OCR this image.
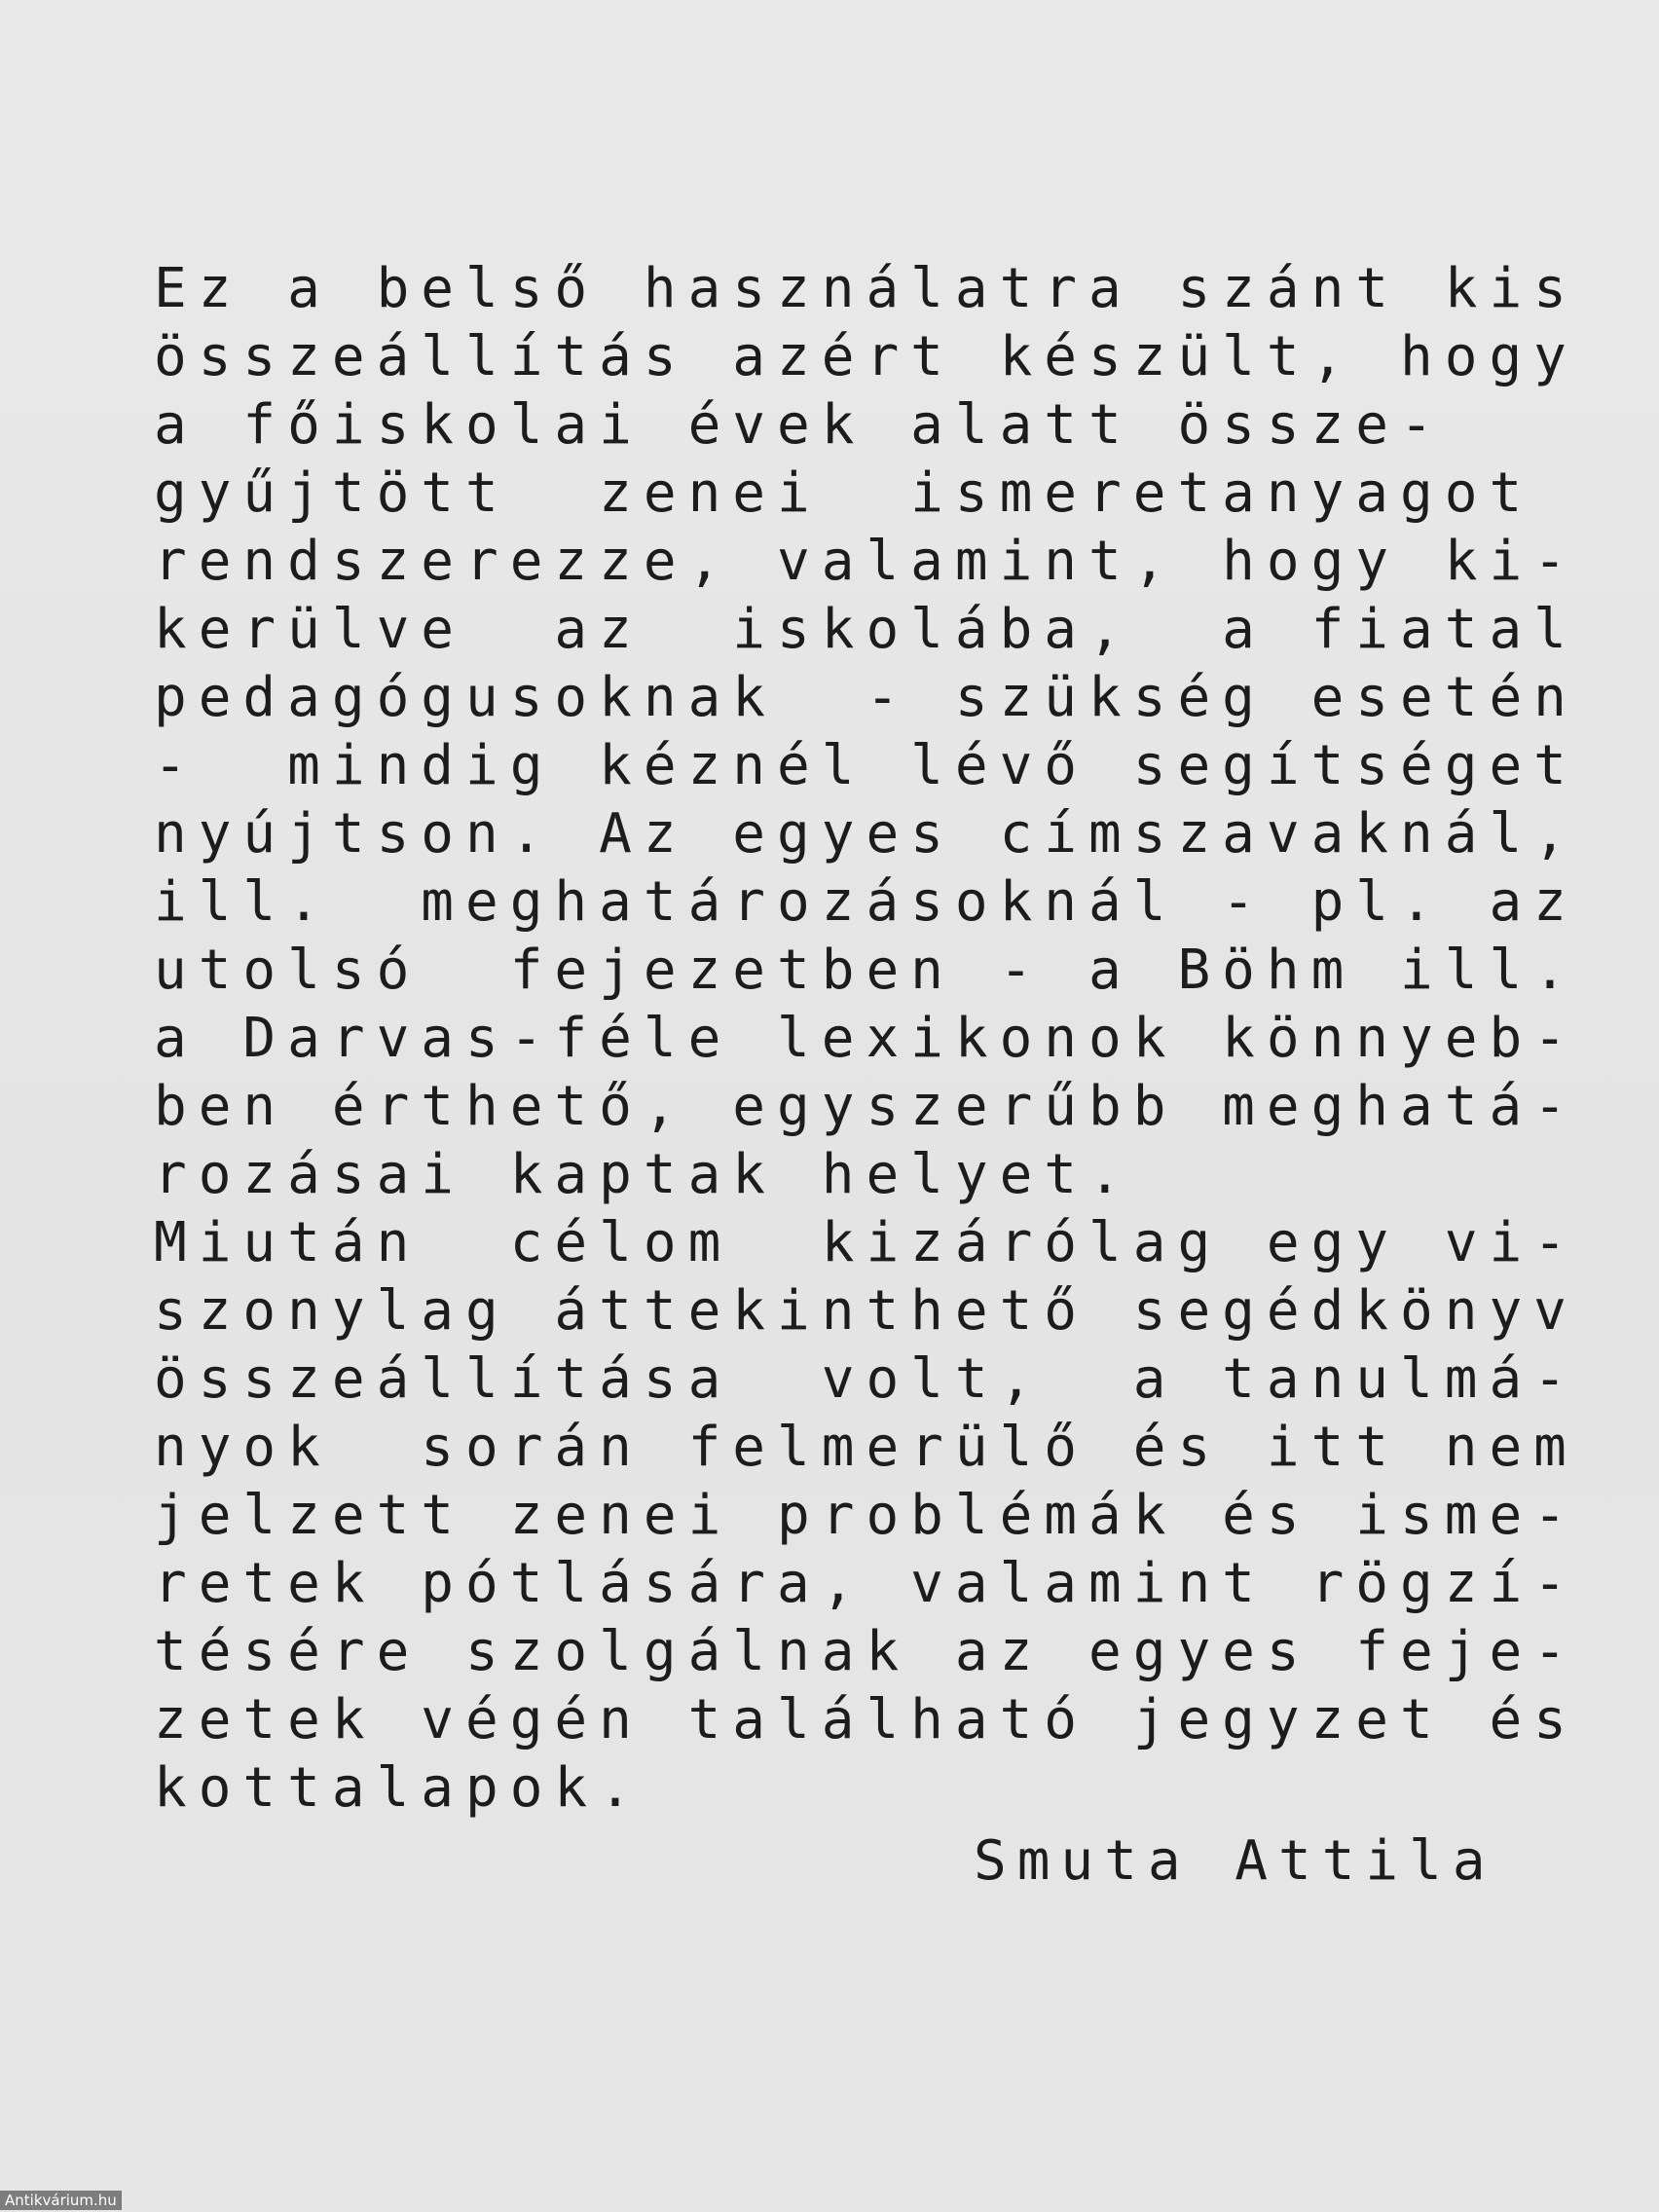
Ez a belső használatra szánt kis
összeállítás azért készült, hogy
a főiskolai évek alatt össze-
gyűjtött  zenei  ismeretanyagot
rendszerezze, valamint, hogy ki-
kerülve  az  iskolába,  a fiatal
pedagógusoknak  - szükség esetén
-  mindig kéznél lévő segítséget
nyújtson. Az egyes címszavaknál,
ill.  meghatározásoknál - pl. az
utolsó  fejezetben - a Böhm ill.
a Darvas-féle lexikonok könnyeb-
ben érthető, egyszerűbb meghatá-
rozásai kaptak helyet.
Miután  célom  kizárólag egy vi-
szonylag áttekinthető segédkönyv
összeállítása  volt,  a tanulmá-
nyok  során felmerülő és itt nem
jelzett zenei problémák és isme-
retek pótlására, valamint rögzí-
tésére szolgálnak az egyes feje-
zetek végén található jegyzet és
kottalapok.
Smuta Attila
Antikvárium.hu
